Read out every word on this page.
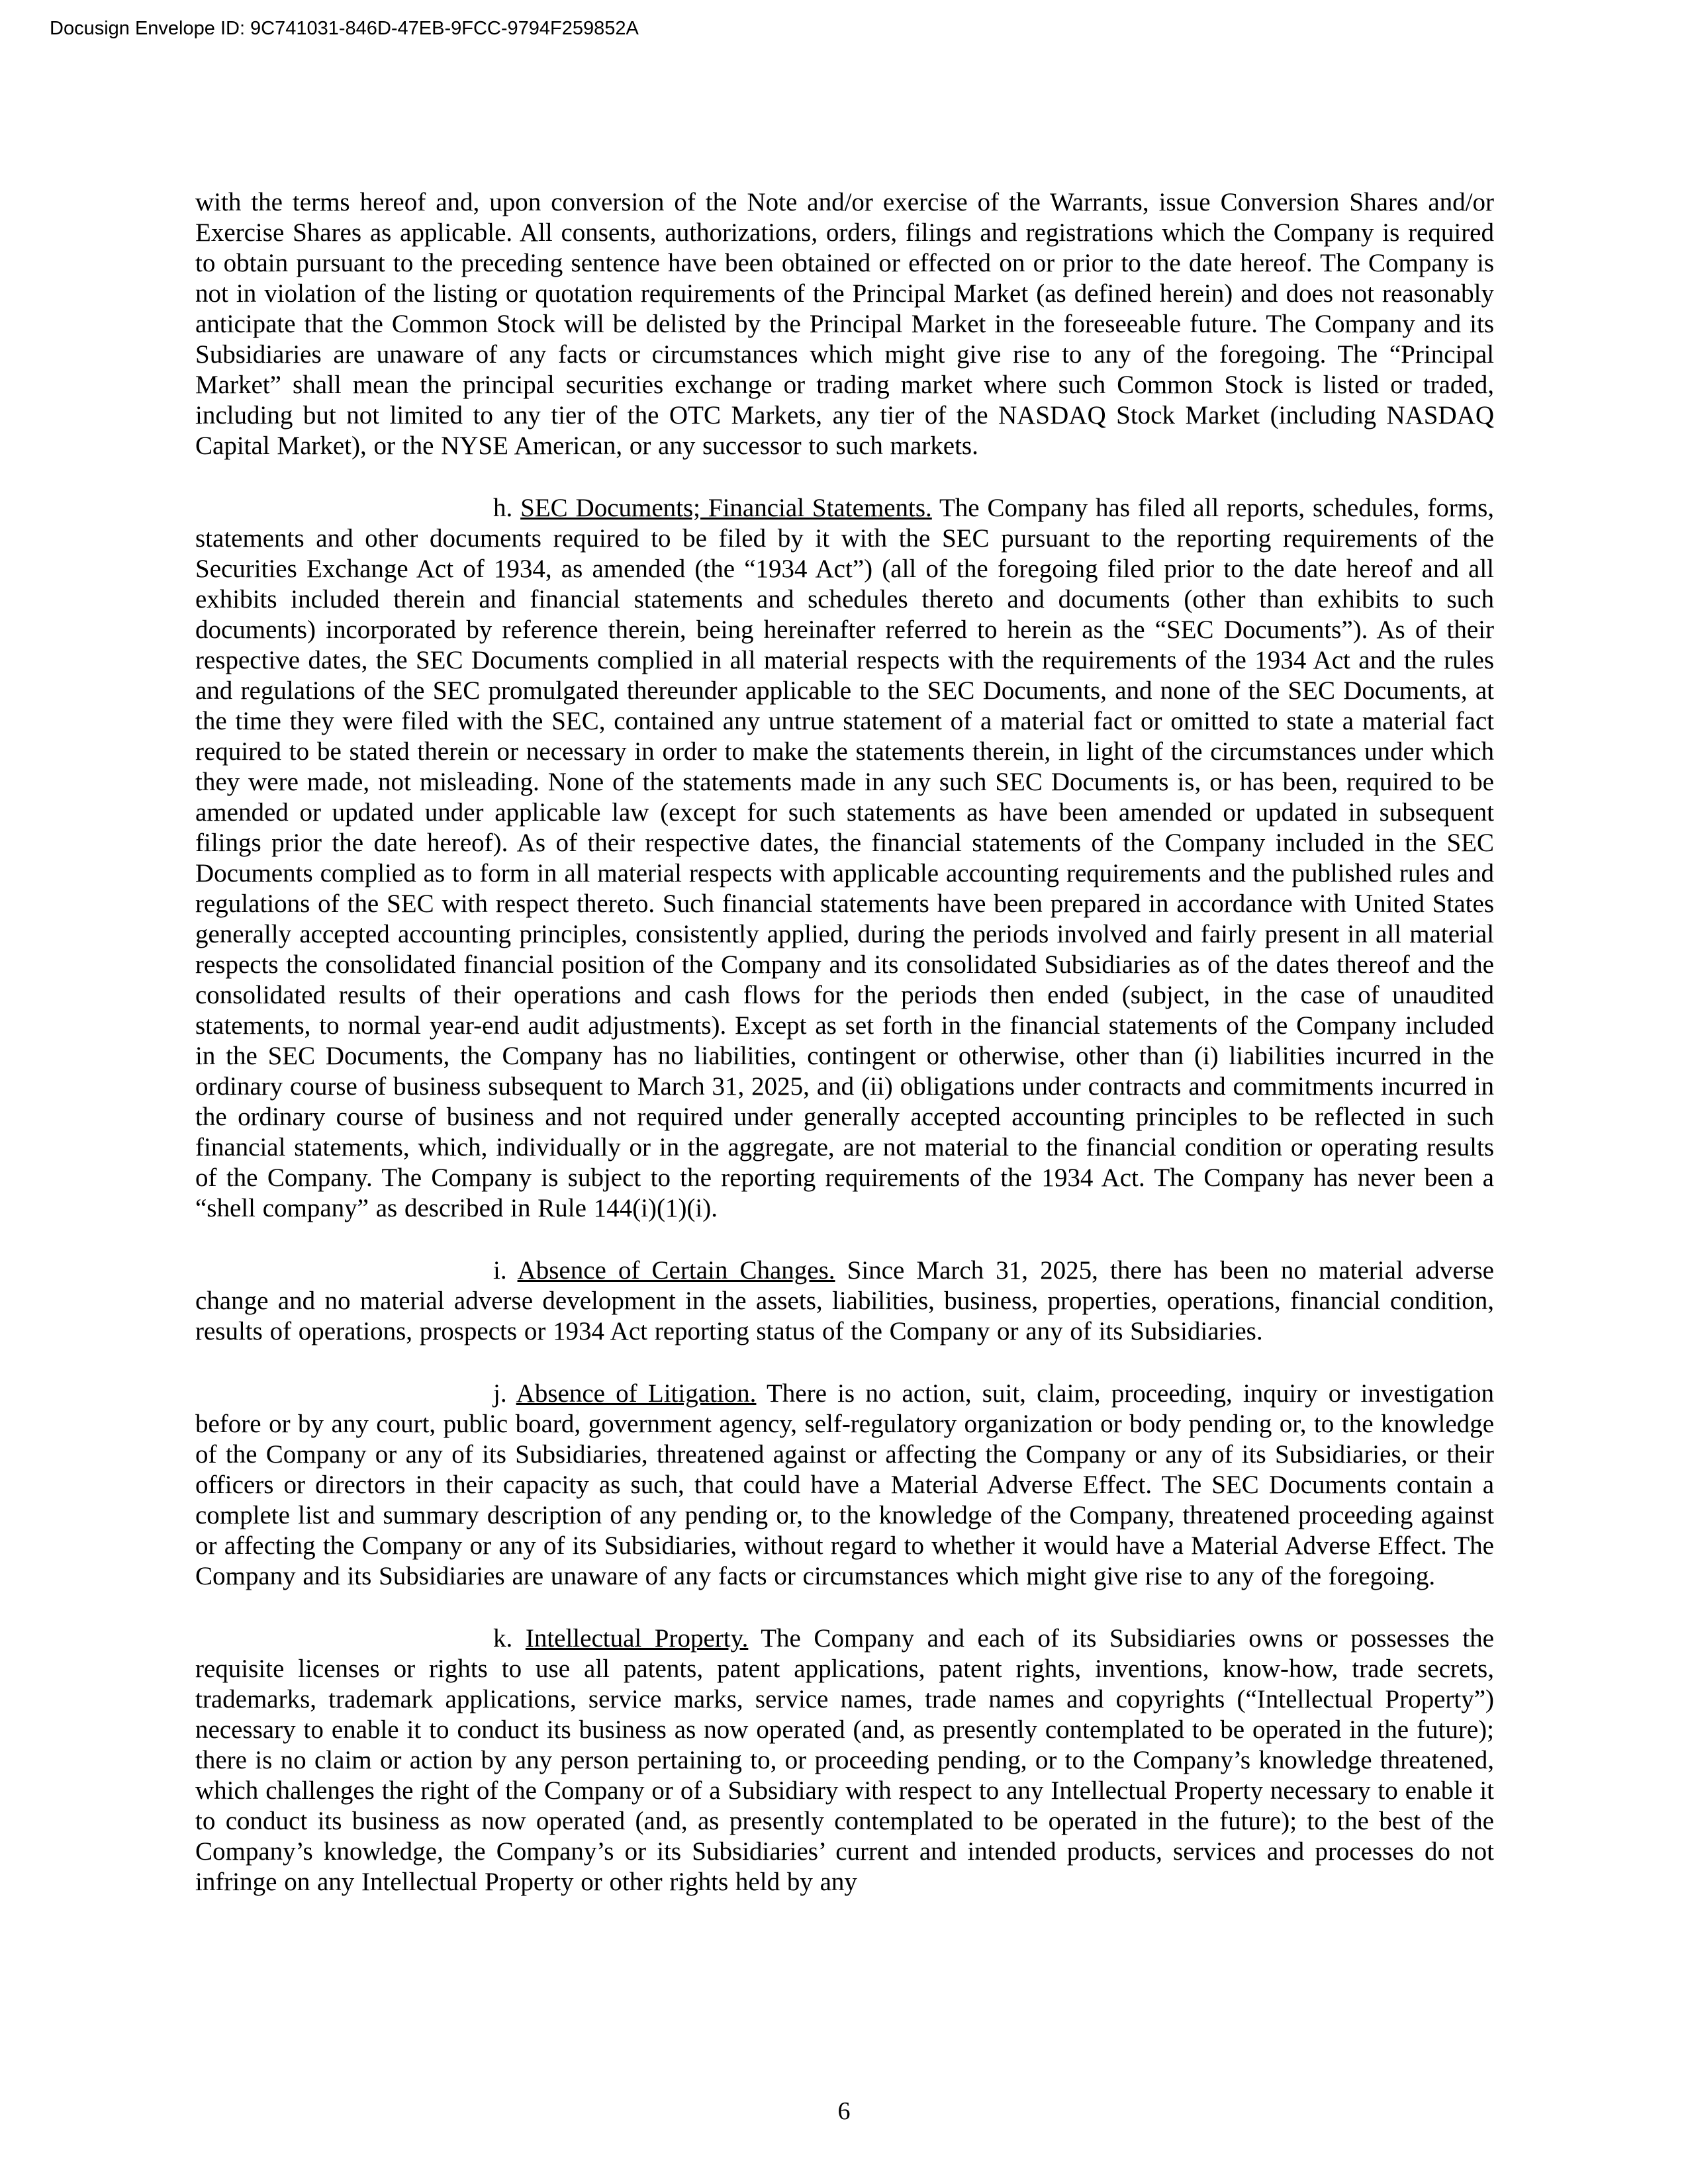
Docusign Envelope ID: 9C741031-846D-47EB-9FCC-9794F259852A

with the terms hereof and, upon conversion of the Note and/or exercise of the Warrants, issue Conversion Shares and/or Exercise Shares as applicable. All consents, authorizations, orders, filings and registrations which the Company is required to obtain pursuant to the preceding sentence have been obtained or effected on or prior to the date hereof. The Company is not in violation of the listing or quotation requirements of the Principal Market (as defined herein) and does not reasonably anticipate that the Common Stock will be delisted by the Principal Market in the foreseeable future. The Company and its Subsidiaries are unaware of any facts or circumstances which might give rise to any of the foregoing. The “Principal Market” shall mean the principal securities exchange or trading market where such Common Stock is listed or traded, including but not limited to any tier of the OTC Markets, any tier of the NASDAQ Stock Market (including NASDAQ Capital Market), or the NYSE American, or any successor to such markets.

h. SEC Documents; Financial Statements. The Company has filed all reports, schedules, forms, statements and other documents required to be filed by it with the SEC pursuant to the reporting requirements of the Securities Exchange Act of 1934, as amended (the “1934 Act”) (all of the foregoing filed prior to the date hereof and all exhibits included therein and financial statements and schedules thereto and documents (other than exhibits to such documents) incorporated by reference therein, being hereinafter referred to herein as the “SEC Documents”). As of their respective dates, the SEC Documents complied in all material respects with the requirements of the 1934 Act and the rules and regulations of the SEC promulgated thereunder applicable to the SEC Documents, and none of the SEC Documents, at the time they were filed with the SEC, contained any untrue statement of a material fact or omitted to state a material fact required to be stated therein or necessary in order to make the statements therein, in light of the circumstances under which they were made, not misleading. None of the statements made in any such SEC Documents is, or has been, required to be amended or updated under applicable law (except for such statements as have been amended or updated in subsequent filings prior the date hereof). As of their respective dates, the financial statements of the Company included in the SEC Documents complied as to form in all material respects with applicable accounting requirements and the published rules and regulations of the SEC with respect thereto. Such financial statements have been prepared in accordance with United States generally accepted accounting principles, consistently applied, during the periods involved and fairly present in all material respects the consolidated financial position of the Company and its consolidated Subsidiaries as of the dates thereof and the consolidated results of their operations and cash flows for the periods then ended (subject, in the case of unaudited statements, to normal year-end audit adjustments). Except as set forth in the financial statements of the Company included in the SEC Documents, the Company has no liabilities, contingent or otherwise, other than (i) liabilities incurred in the ordinary course of business subsequent to March 31, 2025, and (ii) obligations under contracts and commitments incurred in the ordinary course of business and not required under generally accepted accounting principles to be reflected in such financial statements, which, individually or in the aggregate, are not material to the financial condition or operating results of the Company. The Company is subject to the reporting requirements of the 1934 Act. The Company has never been a “shell company” as described in Rule 144(i)(1)(i).

i. Absence of Certain Changes. Since March 31, 2025, there has been no material adverse change and no material adverse development in the assets, liabilities, business, properties, operations, financial condition, results of operations, prospects or 1934 Act reporting status of the Company or any of its Subsidiaries.

j. Absence of Litigation. There is no action, suit, claim, proceeding, inquiry or investigation before or by any court, public board, government agency, self-regulatory organization or body pending or, to the knowledge of the Company or any of its Subsidiaries, threatened against or affecting the Company or any of its Subsidiaries, or their officers or directors in their capacity as such, that could have a Material Adverse Effect. The SEC Documents contain a complete list and summary description of any pending or, to the knowledge of the Company, threatened proceeding against or affecting the Company or any of its Subsidiaries, without regard to whether it would have a Material Adverse Effect. The Company and its Subsidiaries are unaware of any facts or circumstances which might give rise to any of the foregoing.

k. Intellectual Property. The Company and each of its Subsidiaries owns or possesses the requisite licenses or rights to use all patents, patent applications, patent rights, inventions, know-how, trade secrets, trademarks, trademark applications, service marks, service names, trade names and copyrights (“Intellectual Property”) necessary to enable it to conduct its business as now operated (and, as presently contemplated to be operated in the future); there is no claim or action by any person pertaining to, or proceeding pending, or to the Company’s knowledge threatened, which challenges the right of the Company or of a Subsidiary with respect to any Intellectual Property necessary to enable it to conduct its business as now operated (and, as presently contemplated to be operated in the future); to the best of the Company’s knowledge, the Company’s or its Subsidiaries’ current and intended products, services and processes do not infringe on any Intellectual Property or other rights held by any

6
